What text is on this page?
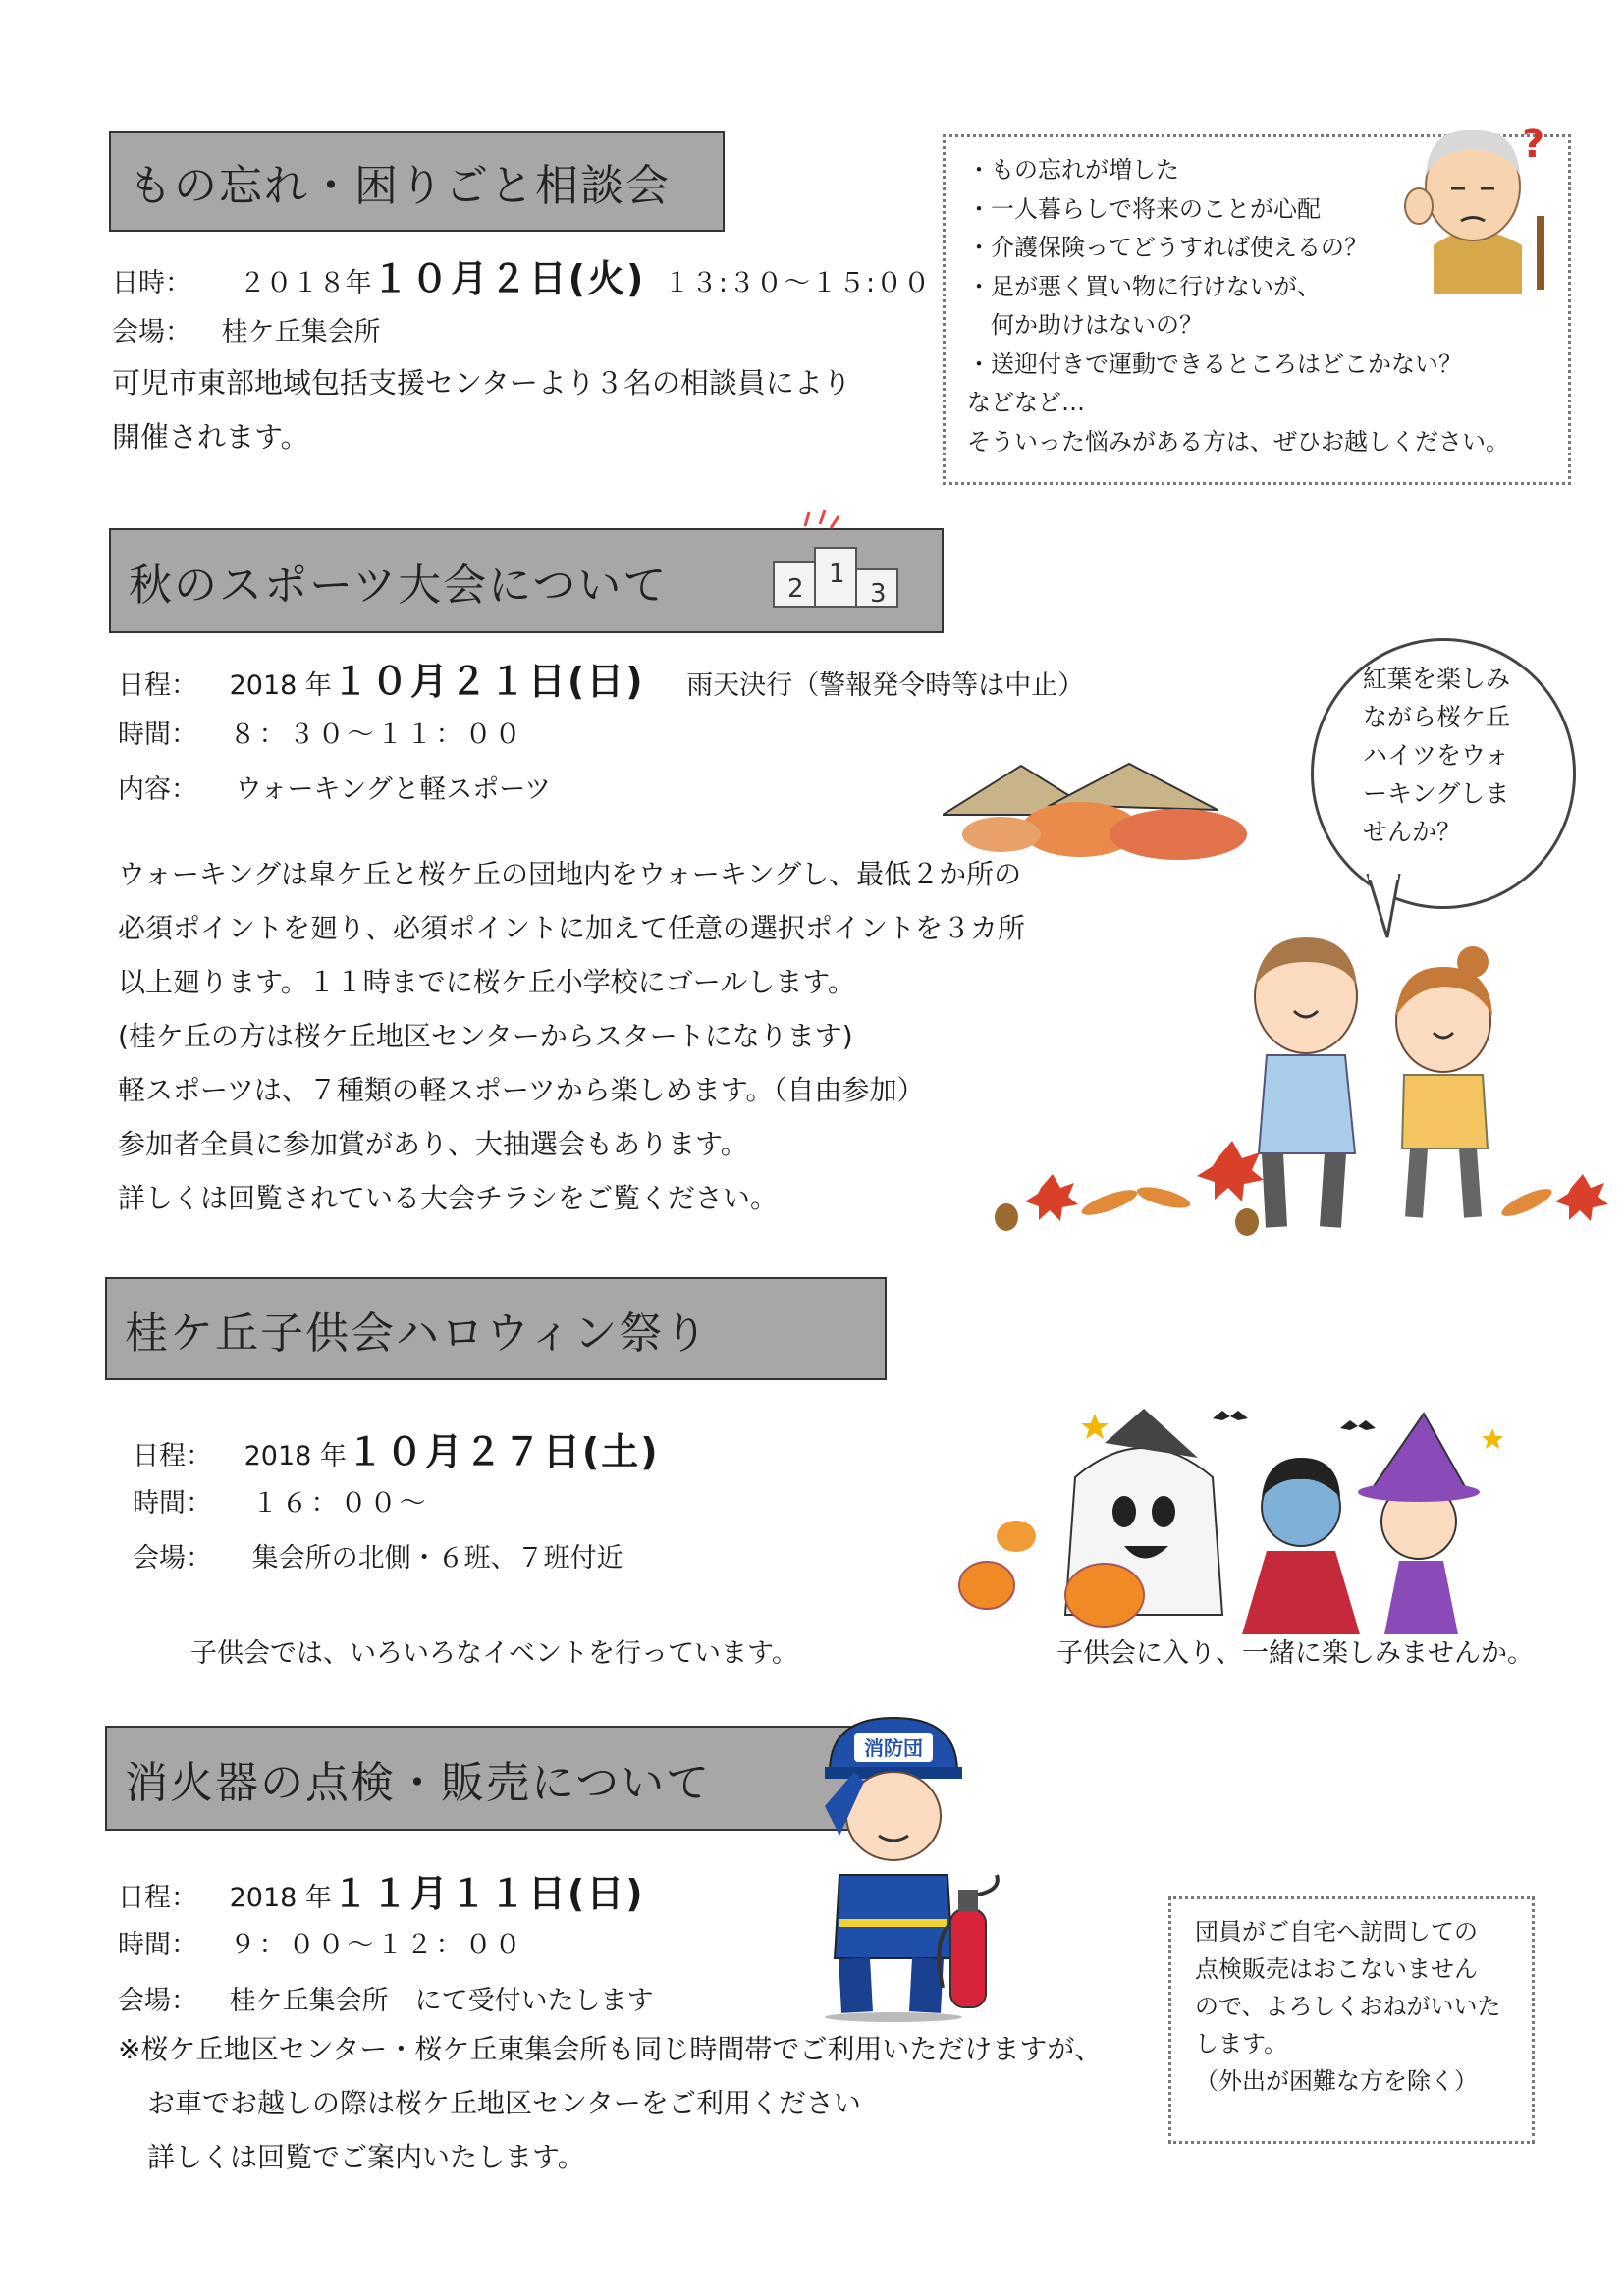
もの忘れ・困りごと相談会
日時： ２０１８年１０月２日(火) １３:３０～１５:００
会場： 桂ケ丘集会所
可児市東部地域包括支援センターより３名の相談員により
開催されます。
・もの忘れが増した
・一人暮らしで将来のことが心配
・介護保険ってどうすれば使えるの？
・足が悪く買い物に行けないが、
　何か助けはないの？
・送迎付きで運動できるところはどこかない？
などなど…
そういった悩みがある方は、ぜひお越しください。
?
秋のスポーツ大会について	2 1
3
日程： 2018 年１０月２１日(日) 雨天決行（警報発令時等は中止）
時間： ８：３０～１１：００
内容： ウォーキングと軽スポーツ
紅葉を楽しみ
ながら桜ケ丘
ハイツをウォ
ーキングしま
せんか？
ウォーキングは皐ケ丘と桜ケ丘の団地内をウォーキングし、最低２か所の
必須ポイントを廻り、必須ポイントに加えて任意の選択ポイントを３カ所
以上廻ります。１１時までに桜ケ丘小学校にゴールします。
(桂ケ丘の方は桜ケ丘地区センターからスタートになります)
軽スポーツは、７種類の軽スポーツから楽しめます。（自由参加）
参加者全員に参加賞があり、大抽選会もあります。
詳しくは回覧されている大会チラシをご覧ください。
桂ケ丘子供会ハロウィン祭り
日程： 2018 年１０月２７日(土)
時間： １６：００～
会場： 集会所の北側・６班、７班付近
子供会では、いろいろなイベントを行っています。	子供会に入り、一緒に楽しみませんか。
消火器の点検・販売について
消防団
日程： 2018 年１１月１１日(日)
時間： ９：００～１２：００
会場： 桂ケ丘集会所　にて受付いたします
※桜ケ丘地区センター・桜ケ丘東集会所も同じ時間帯でご利用いただけますが、
お車でお越しの際は桜ケ丘地区センターをご利用ください
詳しくは回覧でご案内いたします。
団員がご自宅へ訪問しての
点検販売はおこないません
ので、よろしくおねがいいた
します。
（外出が困難な方を除く）
